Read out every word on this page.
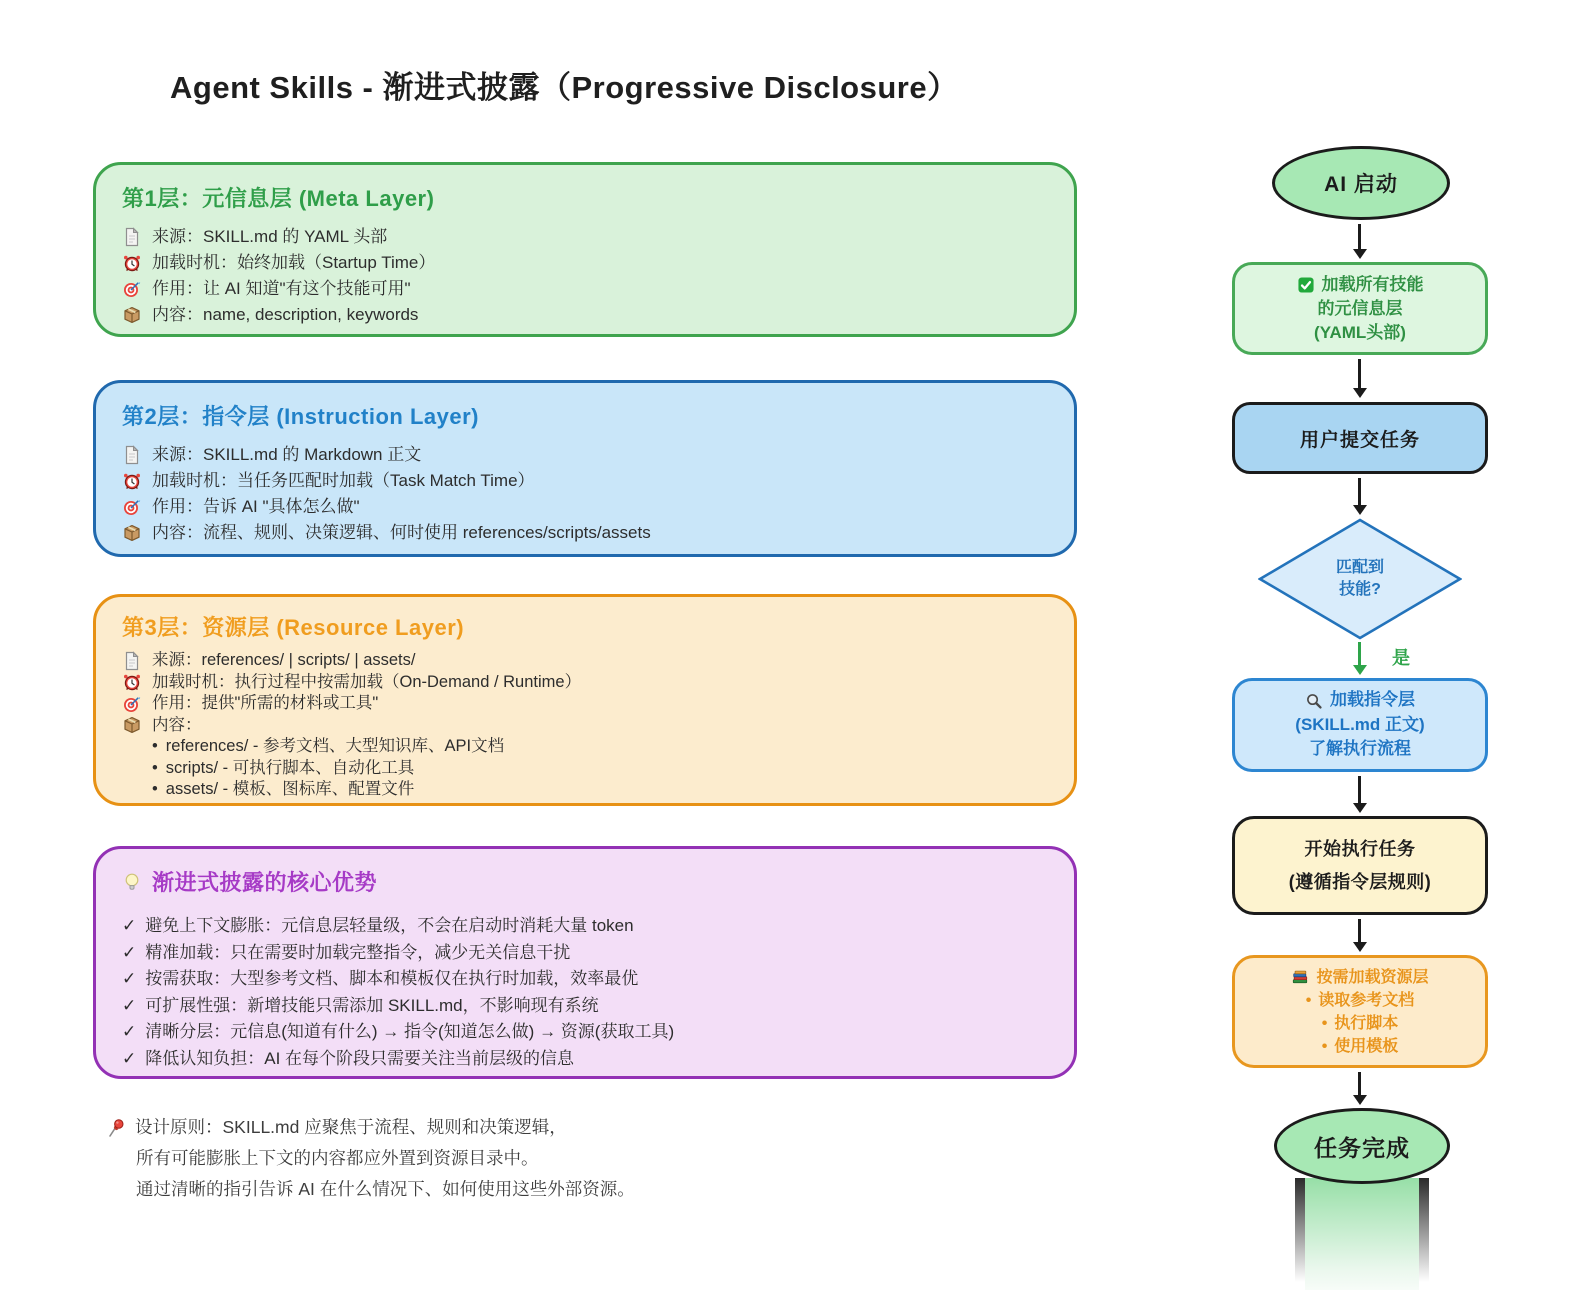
Agent Skills - 渐进式披露（Progressive Disclosure）
第1层：元信息层 (Meta Layer)
来源：SKILL.md 的 YAML 头部
加载时机：始终加载（Startup Time）
作用：让 AI 知道"有这个技能可用"
内容：name, description, keywords
第2层：指令层 (Instruction Layer)
来源：SKILL.md 的 Markdown 正文
加载时机：当任务匹配时加载（Task Match Time）
作用：告诉 AI "具体怎么做"
内容：流程、规则、决策逻辑、何时使用 references/scripts/assets
第3层：资源层 (Resource Layer)
来源：references/ | scripts/ | assets/
加载时机：执行过程中按需加载（On-Demand / Runtime）
作用：提供"所需的材料或工具"
内容：
• references/ - 参考文档、大型知识库、API文档
• scripts/ - 可执行脚本、自动化工具
• assets/ - 模板、图标库、配置文件
渐进式披露的核心优势
✓ 避免上下文膨胀：元信息层轻量级，不会在启动时消耗大量 token
✓ 精准加载：只在需要时加载完整指令，减少无关信息干扰
✓ 按需获取：大型参考文档、脚本和模板仅在执行时加载，效率最优
✓ 可扩展性强：新增技能只需添加 SKILL.md，不影响现有系统
✓ 清晰分层：元信息(知道有什么) → 指令(知道怎么做) → 资源(获取工具)
✓ 降低认知负担：AI 在每个阶段只需要关注当前层级的信息
设计原则：SKILL.md 应聚焦于流程、规则和决策逻辑，
所有可能膨胀上下文的内容都应外置到资源目录中。
通过清晰的指引告诉 AI 在什么情况下、如何使用这些外部资源。
AI 启动
加载所有技能
的元信息层
(YAML头部)
用户提交任务
匹配到
技能?
是
加载指令层
(SKILL.md 正文)
了解执行流程
开始执行任务
(遵循指令层规则)
按需加载资源层
• 读取参考文档
• 执行脚本
• 使用模板
任务完成
